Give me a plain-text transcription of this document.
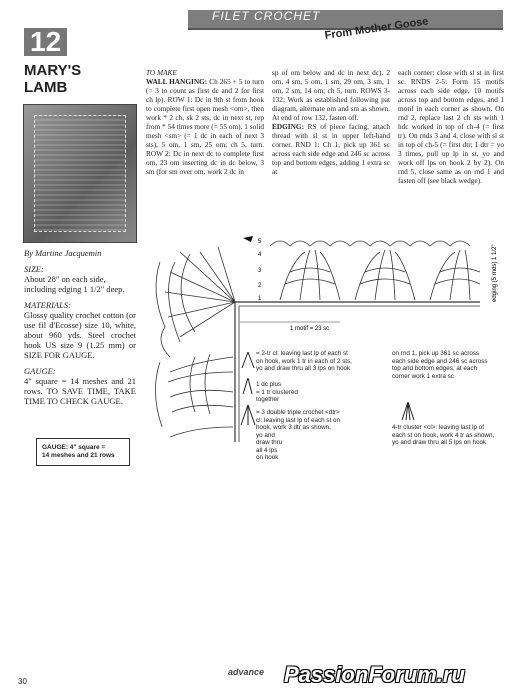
FILET CROCHET From Mother Goose
12
MARY'S
LAMB

By Martine Jacquemin

SIZE:

About 28" on each side, including edging 1 1/2" deep.

MATERIALS:

Glossy quality crochet cotton (or use fil d'Ecosse) size 10, white, about 960 yds. Steel crochet hook US size 9 (1.25 mm) or SIZE FOR GAUGE.

GAUGE:

4" square = 14 meshes and 21 rows. TO SAVE TIME, TAKE TIME TO CHECK GAUGE.

GAUGE: 4" square =
14 meshes and 21 rows

TO MAKE

WALL HANGING: Ch 265 + 5 to turn (= 3 to count as first dc and 2 for first ch lp). ROW 1: Dc in 9th st from hook to complete first open mesh <om>, then work * 2 ch, sk 2 sts, dc in next st, rep from * 54 times more (= 55 om), 1 solid mesh <sm> (= 1 dc in each of next 3 sts), 5 om, 1 sm, 25 om; ch 5, turn. ROW 2: Dc in next dc to complete first om, 23 om inserting dc in dc below, 3 sm (for sm over om, work 2 dc in

sp of om below and dc in next dc), 2 om, 4 sm, 5 om, 1 sm, 29 om, 3 sm, 1 om, 2 sm, 14 om; ch 5, turn. ROWS 3-132: Work as established following pat diagram, alternate om and sm as shown. At end of row 132, fasten off.

EDGING: RS of piece facing, attach thread with sl st in upper left-hand corner. RND 1: Ch 1, pick up 361 sc across each side edge and 246 sc across top and bottom edges, adding 1 extra sc at

each corner; close with sl st in first sc. RNDS 2-5: Form 15 motifs across each side edge, 10 motifs across top and bottom edges, and 1 motif in each corner as shown. On rnd 2, replace last 2 ch sts with 1 hdc worked in top of ch-4 (= first tr). On rnds 3 and 4, close with sl st in top of ch-5 (= first dtr; 1 dtr = yo 3 times, pull up lp in st, yo and work off lps on hook 2 by 2). On rnd 5, close same as on rnd 1 and fasten off (see black wedge).

1 motif = 23 sc
edging (5 rnds) 1 1/2"
5
4
3
2
1
= 2-tr cl: leaving last lp of each st
on hook, work 1 tr in each of 2 sts,
yo and draw thru all 3 lps on hook
1 dc plus
= 1 tr clustered
together
= 3 double triple crochet <dtr>
cl: leaving last lp of each st on
hook, work 3 dtr as shown,
yo and
draw thru
all 4 lps
on hook
on rnd 1, pick up 361 sc across
each side edge and 246 sc across
top and bottom edges; at each
corner work 1 extra sc
4-tr cluster <cl>: leaving last lp of
each st on hook, work 4 tr as shown,
yo and draw thru all 5 lps on hook
30
advance PassionForum.ru
